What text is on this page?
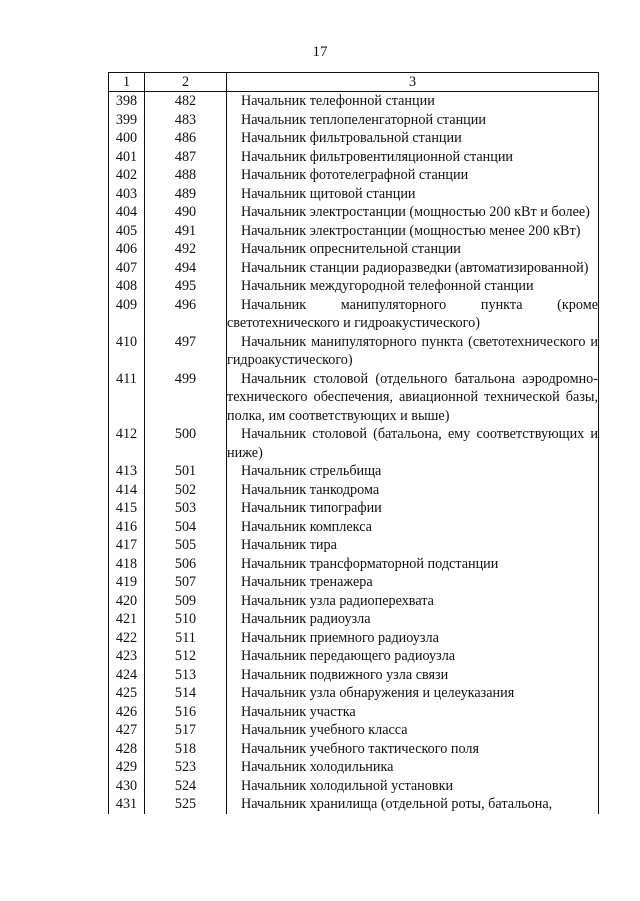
17
1	2	3
398	482	Начальник телефонной станции

399	483	Начальник теплопеленгаторной станции

400	486	Начальник фильтровальной станции

401	487	Начальник фильтровентиляционной станции

402	488	Начальник фототелеграфной станции

403	489	Начальник щитовой станции

404	490	Начальник электростанции (мощностью 200 кВт и более)

405	491	Начальник электростанции (мощностью менее 200 кВт)

406	492	Начальник опреснительной станции

407	494	Начальник станции радиоразведки (автоматизированной)

408	495	Начальник междугородной телефонной станции

409	496	Начальник манипуляторного пункта (кроме светотехнического и гидроакустического)

410	497	Начальник манипуляторного пункта (светотехнического и гидроакустического)

411	499	Начальник столовой (отдельного батальона аэродромно-технического обеспечения, авиационной технической базы, полка, им соответствующих и выше)

412	500	Начальник столовой (батальона, ему соответствующих и ниже)

413	501	Начальник стрельбища

414	502	Начальник танкодрома

415	503	Начальник типографии

416	504	Начальник комплекса

417	505	Начальник тира

418	506	Начальник трансформаторной подстанции

419	507	Начальник тренажера

420	509	Начальник узла радиоперехвата

421	510	Начальник радиоузла

422	511	Начальник приемного радиоузла

423	512	Начальник передающего радиоузла

424	513	Начальник подвижного узла связи

425	514	Начальник узла обнаружения и целеуказания

426	516	Начальник участка

427	517	Начальник учебного класса

428	518	Начальник учебного тактического поля

429	523	Начальник холодильника

430	524	Начальник холодильной установки

431	525	Начальник хранилища (отдельной роты, батальона,
